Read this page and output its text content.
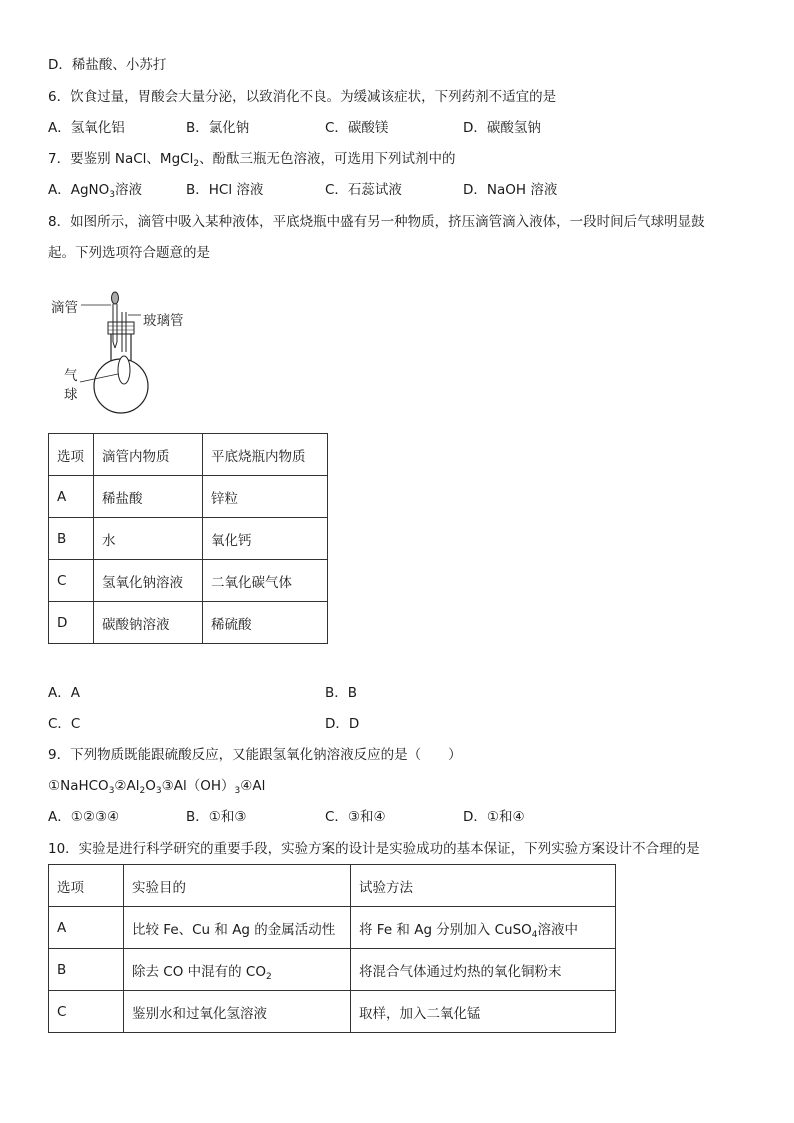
D．稀盐酸、小苏打
6．饮食过量，胃酸会大量分泌，以致消化不良。为缓减该症状，下列药剂不适宜的是
A．氢氧化铝	B．氯化钠	C．碳酸镁	D．碳酸氢钠
7．要鉴别 NaCl、MgCl$_2$、酚酞三瓶无色溶液，可选用下列试剂中的
A．AgNO$_3$溶液	B．HCl 溶液	C．石蕊试液	D．NaOH 溶液
8．如图所示，滴管中吸入某种液体，平底烧瓶中盛有另一种物质，挤压滴管滴入液体，一段时间后气球明显鼓
起。下列选项符合题意的是
滴管
玻璃管
气
球
选项	滴管内物质	平底烧瓶内物质
A	稀盐酸	锌粒
B	水	氧化钙
C	氢氧化钠溶液	二氧化碳气体
D	碳酸钠溶液	稀硫酸
A．A	B．B
C．C	D．D
9．下列物质既能跟硫酸反应，又能跟氢氧化钠溶液反应的是（　　）
$①NaHCO_3②Al_2O_3③Al(OH)_3④Al$
A．①②③④	B．①和③	C．③和④	D．①和④
10．实验是进行科学研究的重要手段，实验方案的设计是实验成功的基本保证，下列实验方案设计不合理的是
选项	实验目的	试验方法
A	比较 Fe、Cu 和 Ag 的金属活动性	将 Fe 和 Ag 分别加入 CuSO$_4$溶液中
B	除去 CO 中混有的 $CO_2$	将混合气体通过灼热的氧化铜粉末
C	鉴别水和过氧化氢溶液	取样，加入二氧化锰
